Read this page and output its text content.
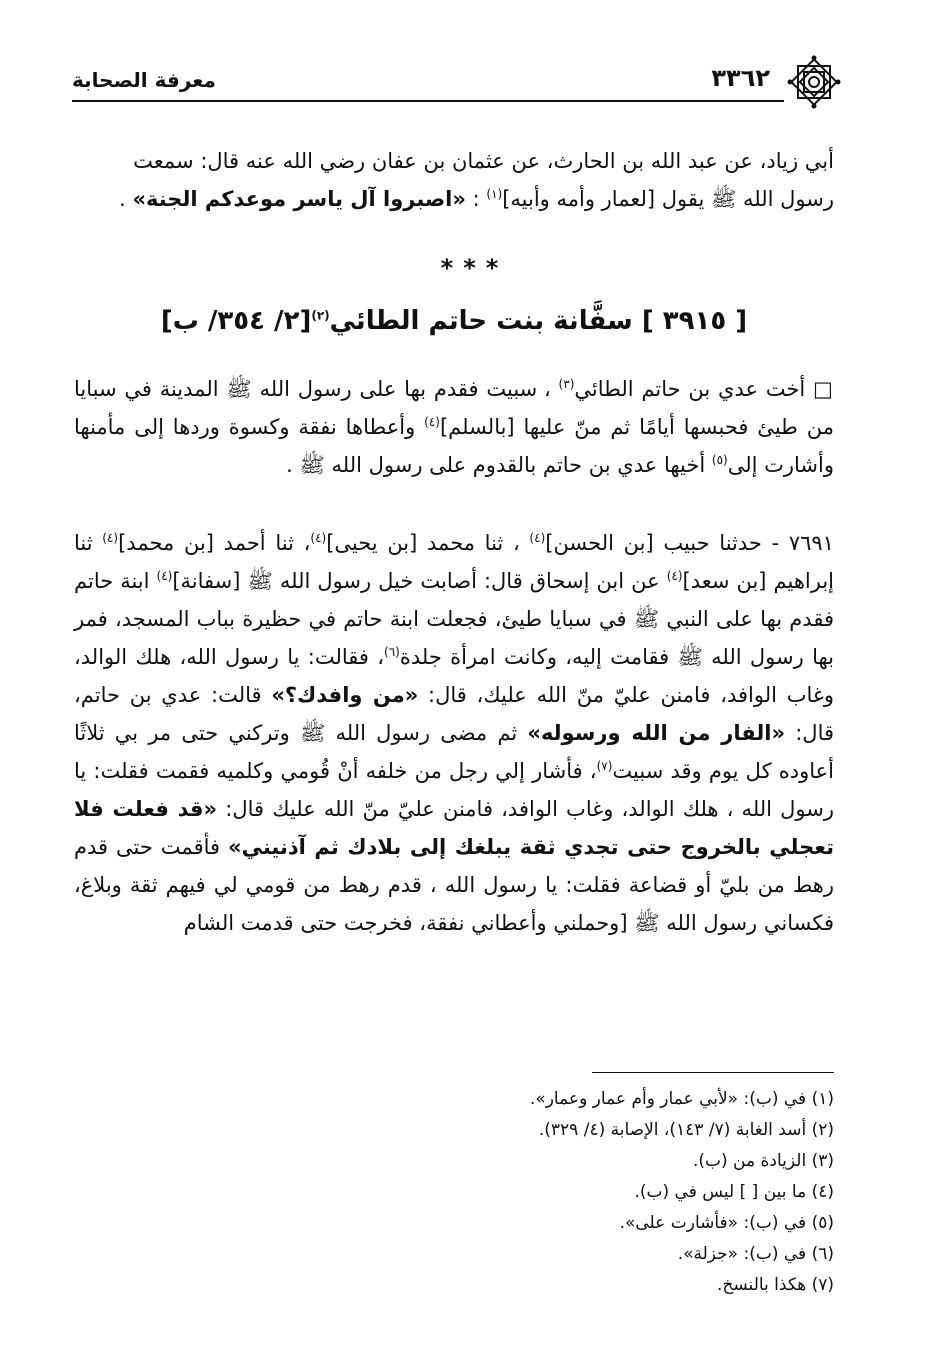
معرفة الصحابة	٣٣٦٢

أبي زياد، عن عبد الله بن الحارث، عن عثمان بن عفان رضي الله عنه قال: سمعت

رسول الله ﷺ يقول [لعمار وأمه وأبيه]$^{(١)}$ : «اصبروا آل ياسر موعدكم الجنة» .

***
[ ٣٩١٥ ] سفَّانة بنت حاتم الطائي$^{(٢)}$[٢/ ٣٥٤/ ب]

□ أخت عدي بن حاتم الطائي$^{(٣)}$ ، سبيت فقدم بها على رسول الله ﷺ المدينة في سبايا من طيئ فحبسها أيامًا ثم منّ عليها [بالسلم]$^{(٤)}$ وأعطاها نفقة وكسوة وردها إلى مأمنها وأشارت إلى$^{(٥)}$ أخيها عدي بن حاتم بالقدوم على رسول الله ﷺ .

٧٦٩١ - حدثنا حبيب [بن الحسن]$^{(٤)}$ ، ثنا محمد [بن يحيى]$^{(٤)}$، ثنا أحمد [بن محمد]$^{(٤)}$ ثنا إبراهيم [بن سعد]$^{(٤)}$ عن ابن إسحاق قال: أصابت خيل رسول الله ﷺ [سفانة]$^{(٤)}$ ابنة حاتم فقدم بها على النبي ﷺ في سبايا طيئ، فجعلت ابنة حاتم في حظيرة بباب المسجد، فمر بها رسول الله ﷺ فقامت إليه، وكانت امرأة جلدة$^{(٦)}$، فقالت: يا رسول الله، هلك الوالد، وغاب الوافد، فامنن عليّ منّ الله عليك، قال: «من وافدك؟» قالت: عدي بن حاتم، قال: «الفار من الله ورسوله» ثم مضى رسول الله ﷺ وتركني حتى مر بي ثلاثًا أعاوده كل يوم وقد سبيت$^{(٧)}$، فأشار إلي رجل من خلفه أنْ قُومي وكلميه فقمت فقلت: يا رسول الله ، هلك الوالد، وغاب الوافد، فامنن عليّ منّ الله عليك قال: «قد فعلت فلا تعجلي بالخروج حتى تجدي ثقة يبلغك إلى بلادك ثم آذنيني» فأقمت حتى قدم رهط من بليّ أو قضاعة فقلت: يا رسول الله ، قدم رهط من قومي لي فيهم ثقة وبلاغ، فكساني رسول الله ﷺ [وحملني وأعطاني نفقة، فخرجت حتى قدمت الشام

(١) في (ب): «لأبي عمار وأم عمار وعمار».
(٢) أسد الغابة (٧/ ١٤٣)، الإصابة (٤/ ٣٢٩).
(٣) الزيادة من (ب).
(٤) ما بين [ ] ليس في (ب).
(٥) في (ب): «فأشارت على».
(٦) في (ب): «جزلة».
(٧) هكذا بالنسخ.
